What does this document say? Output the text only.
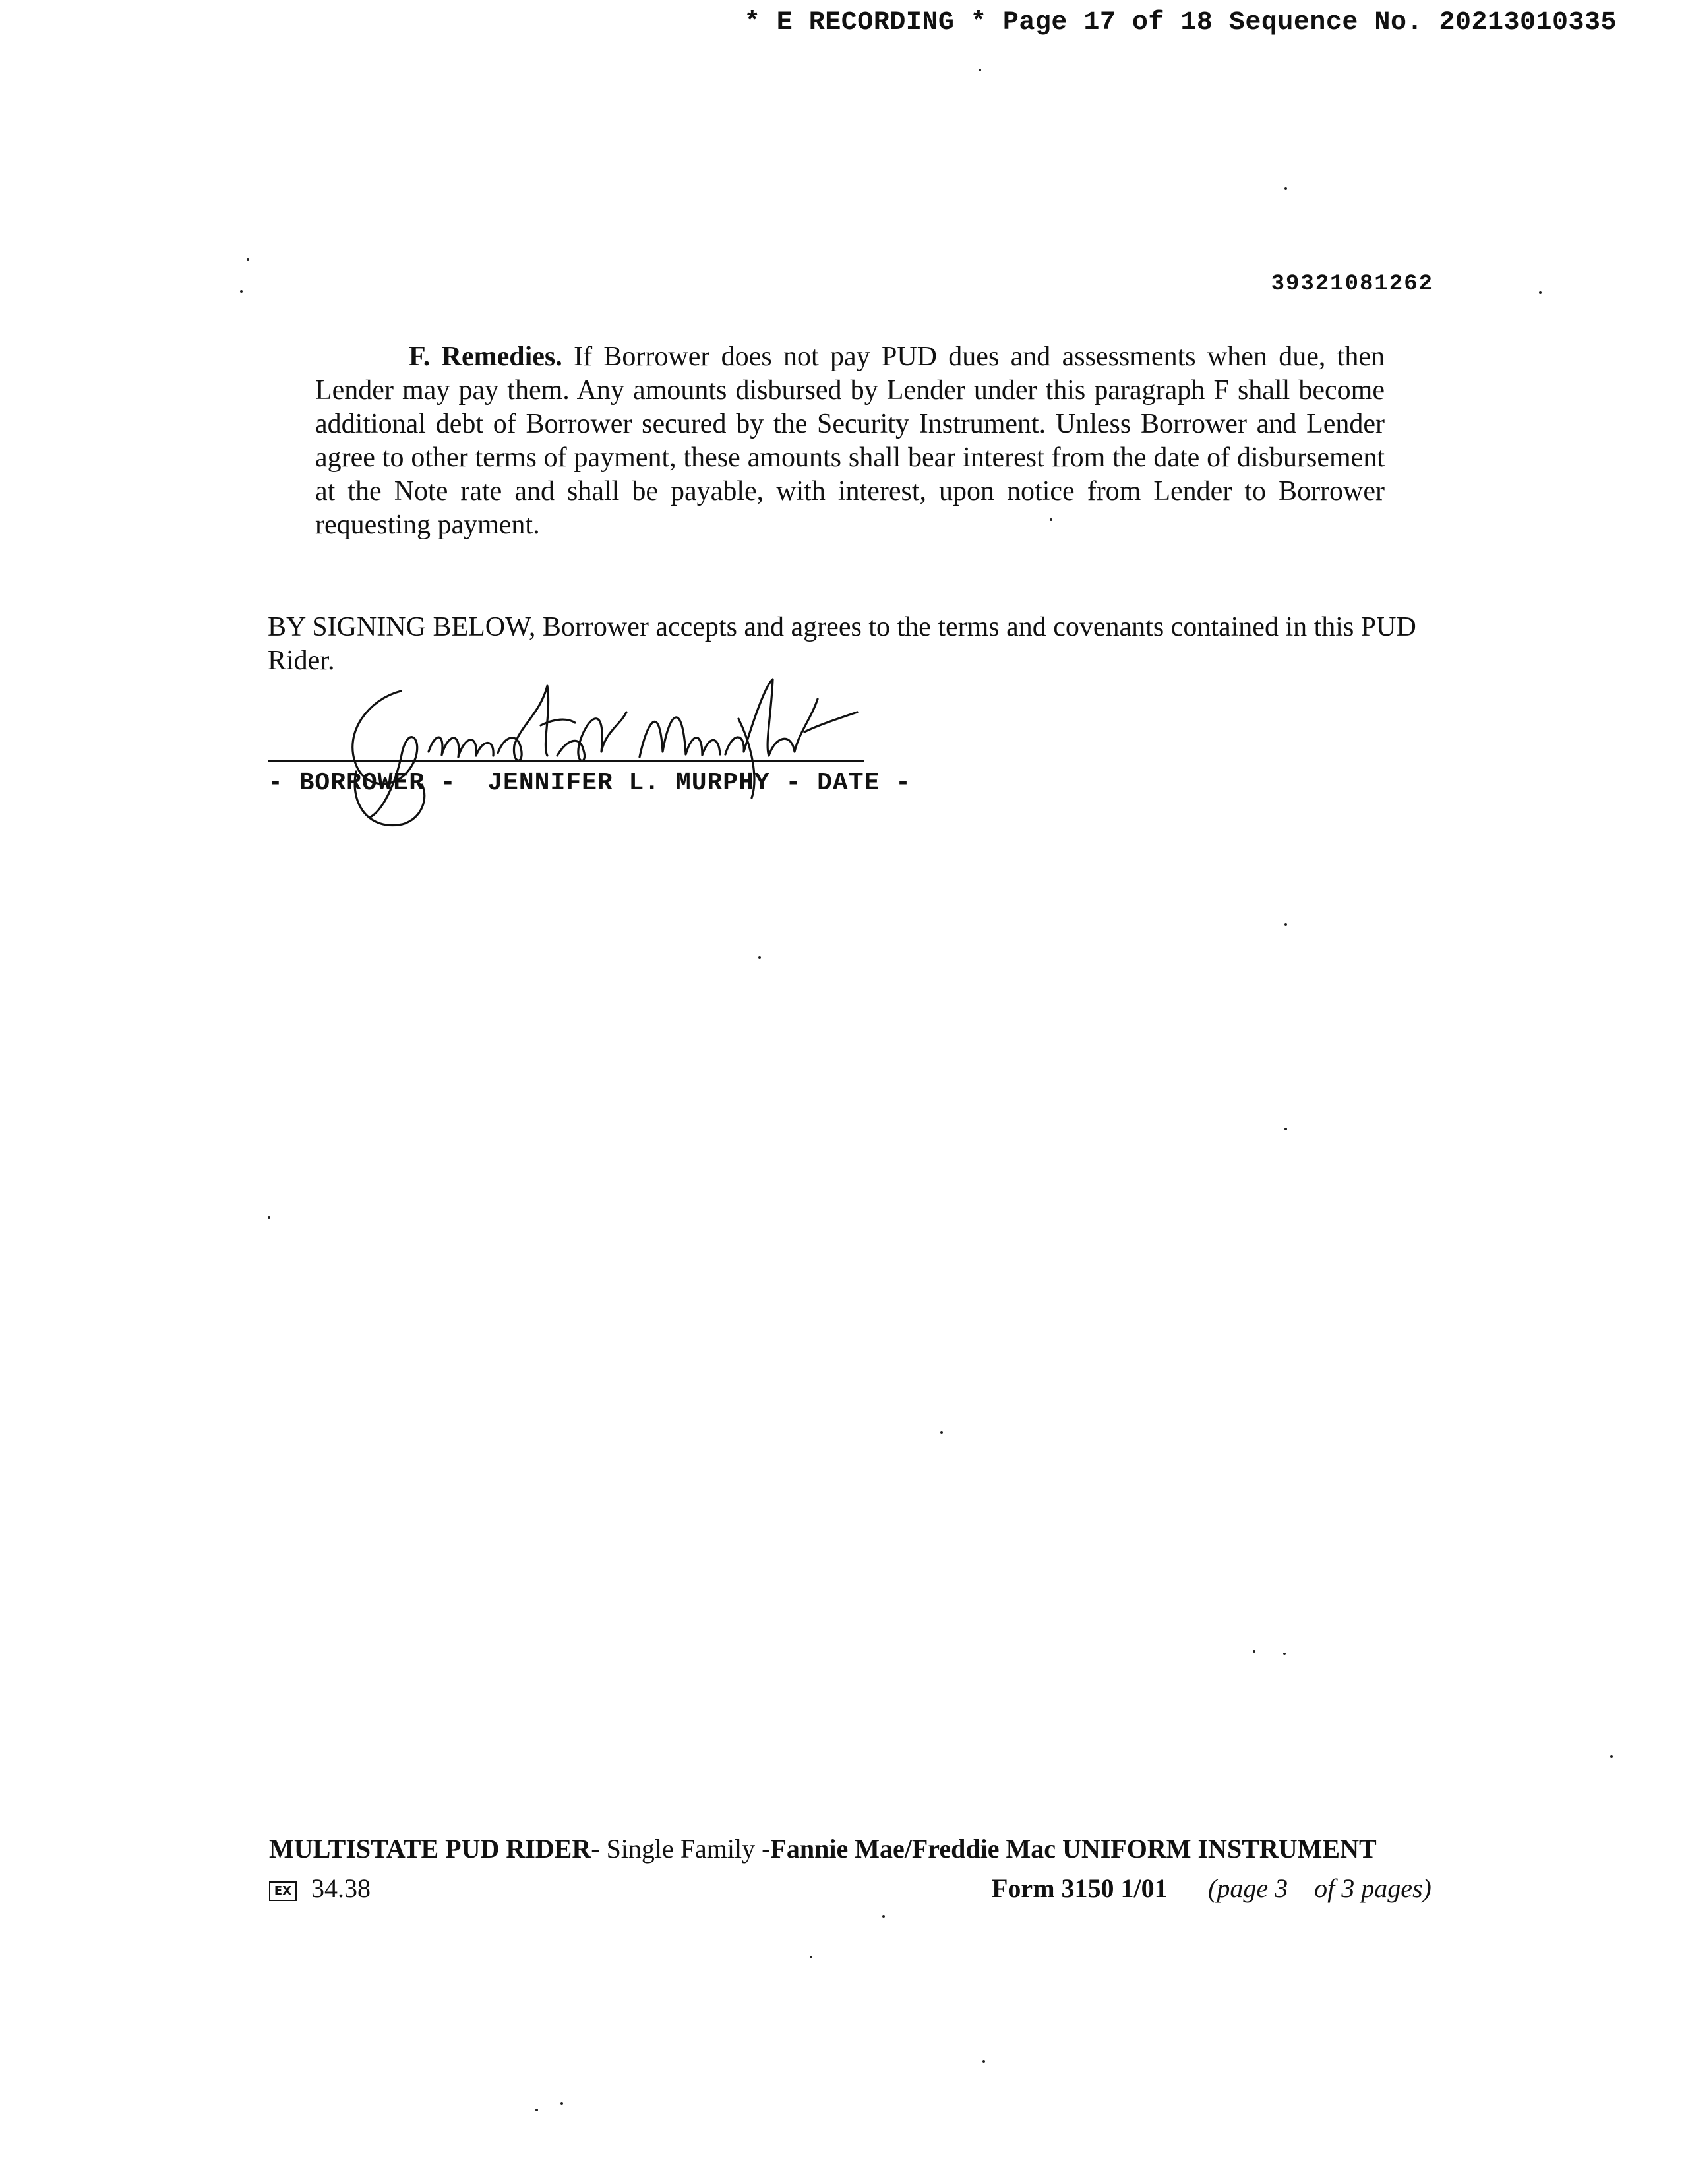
* E RECORDING * Page 17 of 18 Sequence No. 20213010335
39321081262
F. Remedies. If Borrower does not pay PUD dues and assessments when due, then Lender may pay them. Any amounts disbursed by Lender under this paragraph F shall become additional debt of Borrower secured by the Security Instrument. Unless Borrower and Lender agree to other terms of payment, these amounts shall bear interest from the date of disbursement at the Note rate and shall be payable, with interest, upon notice from Lender to Borrower requesting payment.
BY SIGNING BELOW, Borrower accepts and agrees to the terms and covenants contained in this PUD Rider.
- BORROWER -  JENNIFER L. MURPHY - DATE -
MULTISTATE PUD RIDER- Single Family -Fannie Mae/Freddie Mac UNIFORM INSTRUMENT
EX 34.38	Form 3150 1/01 (page 3    of 3 pages)
